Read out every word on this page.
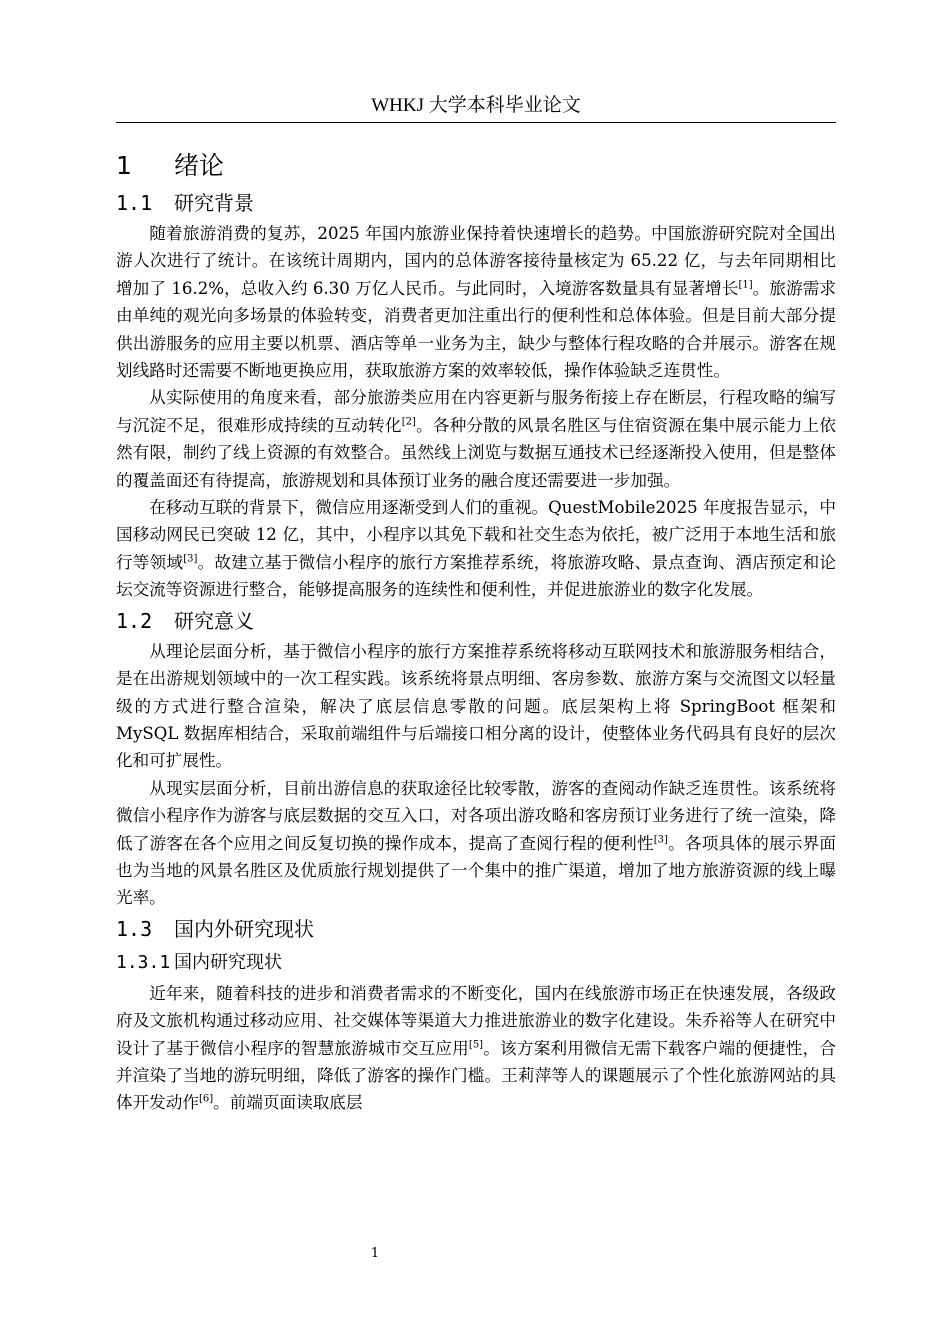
WHKJ 大学本科毕业论文
1 绪论
1.1 研究背景

随着旅游消费的复苏，2025 年国内旅游业保持着快速增长的趋势。中国旅游研究院对全国出游人次进行了统计。在该统计周期内，国内的总体游客接待量核定为 65.22 亿，与去年同期相比增加了 16.2%，总收入约 6.30 万亿人民币。与此同时，入境游客数量具有显著增长[1]。旅游需求由单纯的观光向多场景的体验转变，消费者更加注重出行的便利性和总体体验。但是目前大部分提供出游服务的应用主要以机票、酒店等单一业务为主，缺少与整体行程攻略的合并展示。游客在规划线路时还需要不断地更换应用，获取旅游方案的效率较低，操作体验缺乏连贯性。

从实际使用的角度来看，部分旅游类应用在内容更新与服务衔接上存在断层，行程攻略的编写与沉淀不足，很难形成持续的互动转化[2]。各种分散的风景名胜区与住宿资源在集中展示能力上依然有限，制约了线上资源的有效整合。虽然线上浏览与数据互通技术已经逐渐投入使用，但是整体的覆盖面还有待提高，旅游规划和具体预订业务的融合度还需要进一步加强。

在移动互联的背景下，微信应用逐渐受到人们的重视。QuestMobile2025 年度报告显示，中国移动网民已突破 12 亿，其中，小程序以其免下载和社交生态为依托，被广泛用于本地生活和旅行等领域[3]。故建立基于微信小程序的旅行方案推荐系统，将旅游攻略、景点查询、酒店预定和论坛交流等资源进行整合，能够提高服务的连续性和便利性，并促进旅游业的数字化发展。

1.2 研究意义

从理论层面分析，基于微信小程序的旅行方案推荐系统将移动互联网技术和旅游服务相结合，是在出游规划领域中的一次工程实践。该系统将景点明细、客房参数、旅游方案与交流图文以轻量级的方式进行整合渲染，解决了底层信息零散的问题。底层架构上将 SpringBoot 框架和 MySQL 数据库相结合，采取前端组件与后端接口相分离的设计，使整体业务代码具有良好的层次化和可扩展性。

从现实层面分析，目前出游信息的获取途径比较零散，游客的查阅动作缺乏连贯性。该系统将微信小程序作为游客与底层数据的交互入口，对各项出游攻略和客房预订业务进行了统一渲染，降低了游客在各个应用之间反复切换的操作成本，提高了查阅行程的便利性[3]。各项具体的展示界面也为当地的风景名胜区及优质旅行规划提供了一个集中的推广渠道，增加了地方旅游资源的线上曝光率。

1.3 国内外研究现状
1.3.1 国内研究现状

近年来，随着科技的进步和消费者需求的不断变化，国内在线旅游市场正在快速发展，各级政府及文旅机构通过移动应用、社交媒体等渠道大力推进旅游业的数字化建设。朱乔裕等人在研究中设计了基于微信小程序的智慧旅游城市交互应用[5]。该方案利用微信无需下载客户端的便捷性，合并渲染了当地的游玩明细，降低了游客的操作门槛。王莉萍等人的课题展示了个性化旅游网站的具体开发动作[6]。前端页面读取底层

1
